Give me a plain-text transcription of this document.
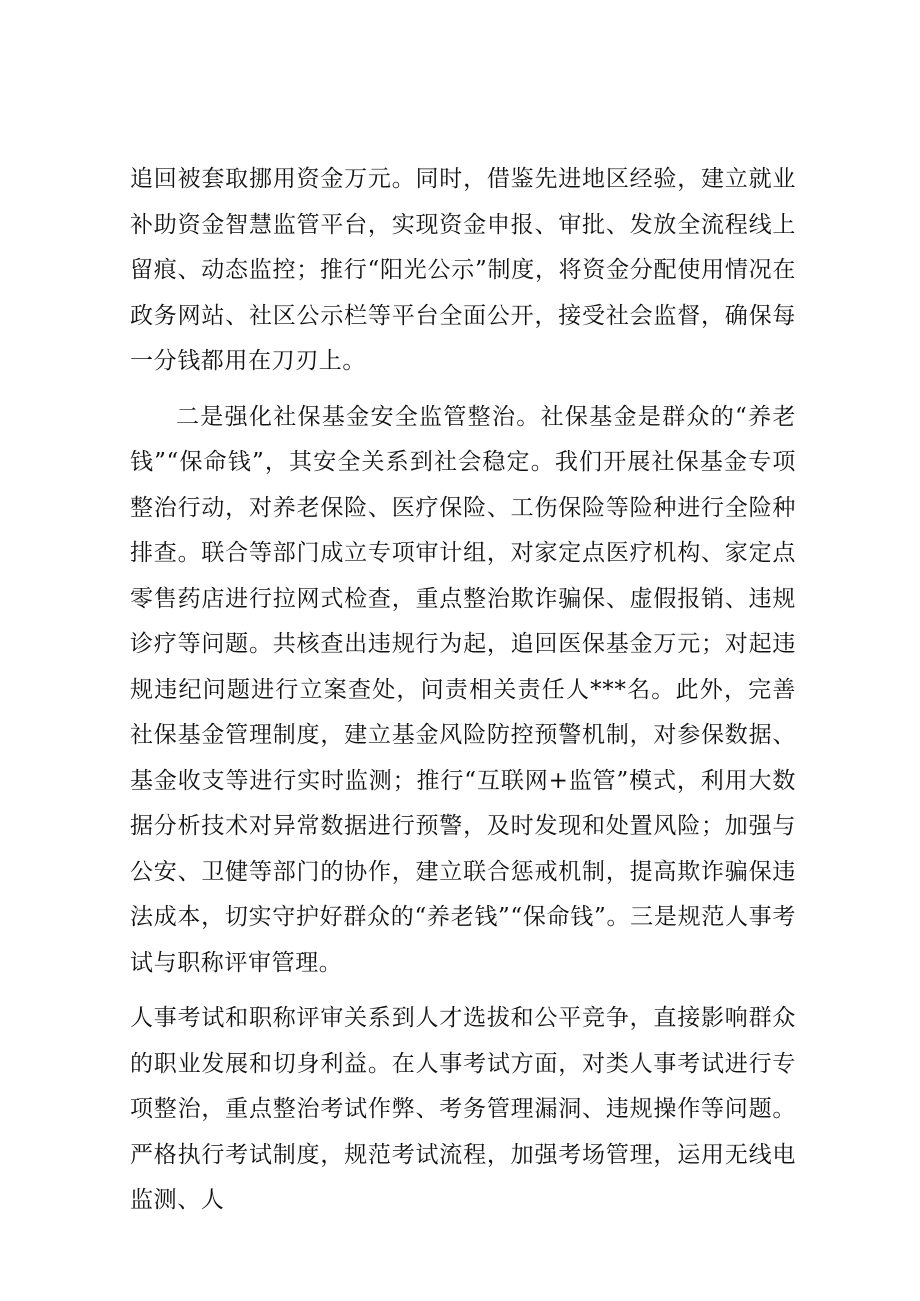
追回被套取挪用资金万元。同时，借鉴先进地区经验，建立就业补助资金智慧监管平台，实现资金申报、审批、发放全流程线上留痕、动态监控；推行“阳光公示”制度，将资金分配使用情况在政务网站、社区公示栏等平台全面公开，接受社会监督，确保每一分钱都用在刀刃上。

二是强化社保基金安全监管整治。社保基金是群众的“养老钱”“保命钱”，其安全关系到社会稳定。我们开展社保基金专项整治行动，对养老保险、医疗保险、工伤保险等险种进行全险种排查。联合等部门成立专项审计组，对家定点医疗机构、家定点零售药店进行拉网式检查，重点整治欺诈骗保、虚假报销、违规诊疗等问题。共核查出违规行为起，追回医保基金万元；对起违规违纪问题进行立案查处，问责相关责任人***名。此外，完善社保基金管理制度，建立基金风险防控预警机制，对参保数据、基金收支等进行实时监测；推行“互联网+监管”模式，利用大数据分析技术对异常数据进行预警，及时发现和处置风险；加强与公安、卫健等部门的协作，建立联合惩戒机制，提高欺诈骗保违法成本，切实守护好群众的“养老钱”“保命钱”。三是规范人事考试与职称评审管理。

人事考试和职称评审关系到人才选拔和公平竞争，直接影响群众的职业发展和切身利益。在人事考试方面，对类人事考试进行专项整治，重点整治考试作弊、考务管理漏洞、违规操作等问题。严格执行考试制度，规范考试流程，加强考场管理，运用无线电监测、人
